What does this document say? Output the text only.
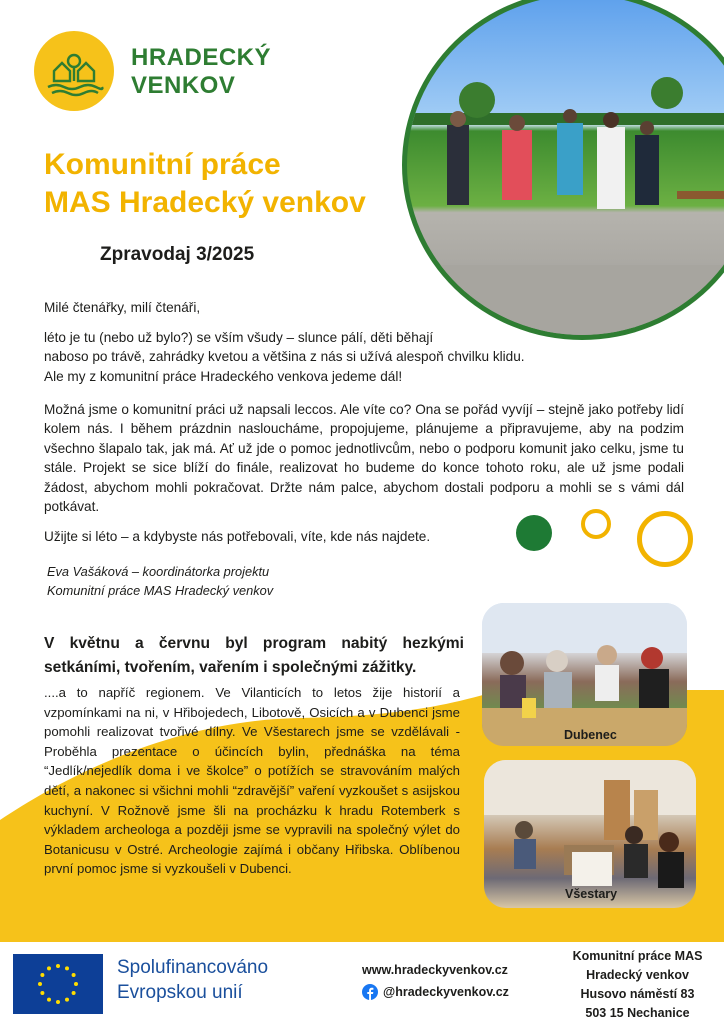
HRADECKÝ
VENKOV
Komunitní práce
MAS Hradecký venkov
Zpravodaj 3/2025
Milé čtenářky, milí čtenáři,
léto je tu (nebo už bylo?) se vším všudy – slunce pálí, děti běhají
naboso po trávě, zahrádky kvetou a většina z nás si užívá alespoň chvilku klidu.
Ale my z komunitní práce Hradeckého venkova jedeme dál!
Možná jsme o komunitní práci už napsali leccos. Ale víte co? Ona se pořád vyvíjí – stejně jako potřeby lidí kolem nás. I během prázdnin nasloucháme, propojujeme, plánujeme a připravujeme, aby na podzim všechno šlapalo tak, jak má. Ať už jde o pomoc jednotlivcům, nebo o podporu komunit jako celku, jsme tu stále. Projekt se sice blíží do finále, realizovat ho budeme do konce tohoto roku, ale už jsme podali žádost, abychom mohli pokračovat. Držte nám palce, abychom dostali podporu a mohli se s vámi dál potkávat.
Užijte si léto – a kdybyste nás potřebovali, víte, kde nás najdete.
Eva Vašáková – koordinátorka projektu
Komunitní práce MAS Hradecký venkov
V květnu a červnu byl program nabitý hezkými setkáními, tvořením, vařením i společnými zážitky.
....a to napříč regionem. Ve Vilanticích to letos žije historií a vzpomínkami na ni, v Hřibojedech, Libotově, Osicích a v Dubenci jsme pomohli realizovat tvořivé dílny. Ve Všestarech jsme se vzdělávali - Proběhla prezentace o účincích bylin, přednáška na téma “Jedlík/nejedlík doma i ve školce” o potížích se stravováním malých dětí, a nakonec si všichni mohli “zdravější” vaření vyzkoušet s asijskou kuchyní. V Rožnově jsme šli na procházku k hradu Rotemberk s výkladem archeologa a později jsme se vypravili na společný výlet do Botanicusu v Ostré. Archeologie zajímá i občany Hřibska. Oblíbenou první pomoc jsme si vyzkoušeli v Dubenci.
Dubenec
Všestary
Spolufinancováno
Evropskou unií
www.hradeckyvenkov.cz
@hradeckyvenkov.cz
Komunitní práce MAS
Hradecký venkov
Husovo náměstí 83
503 15 Nechanice
